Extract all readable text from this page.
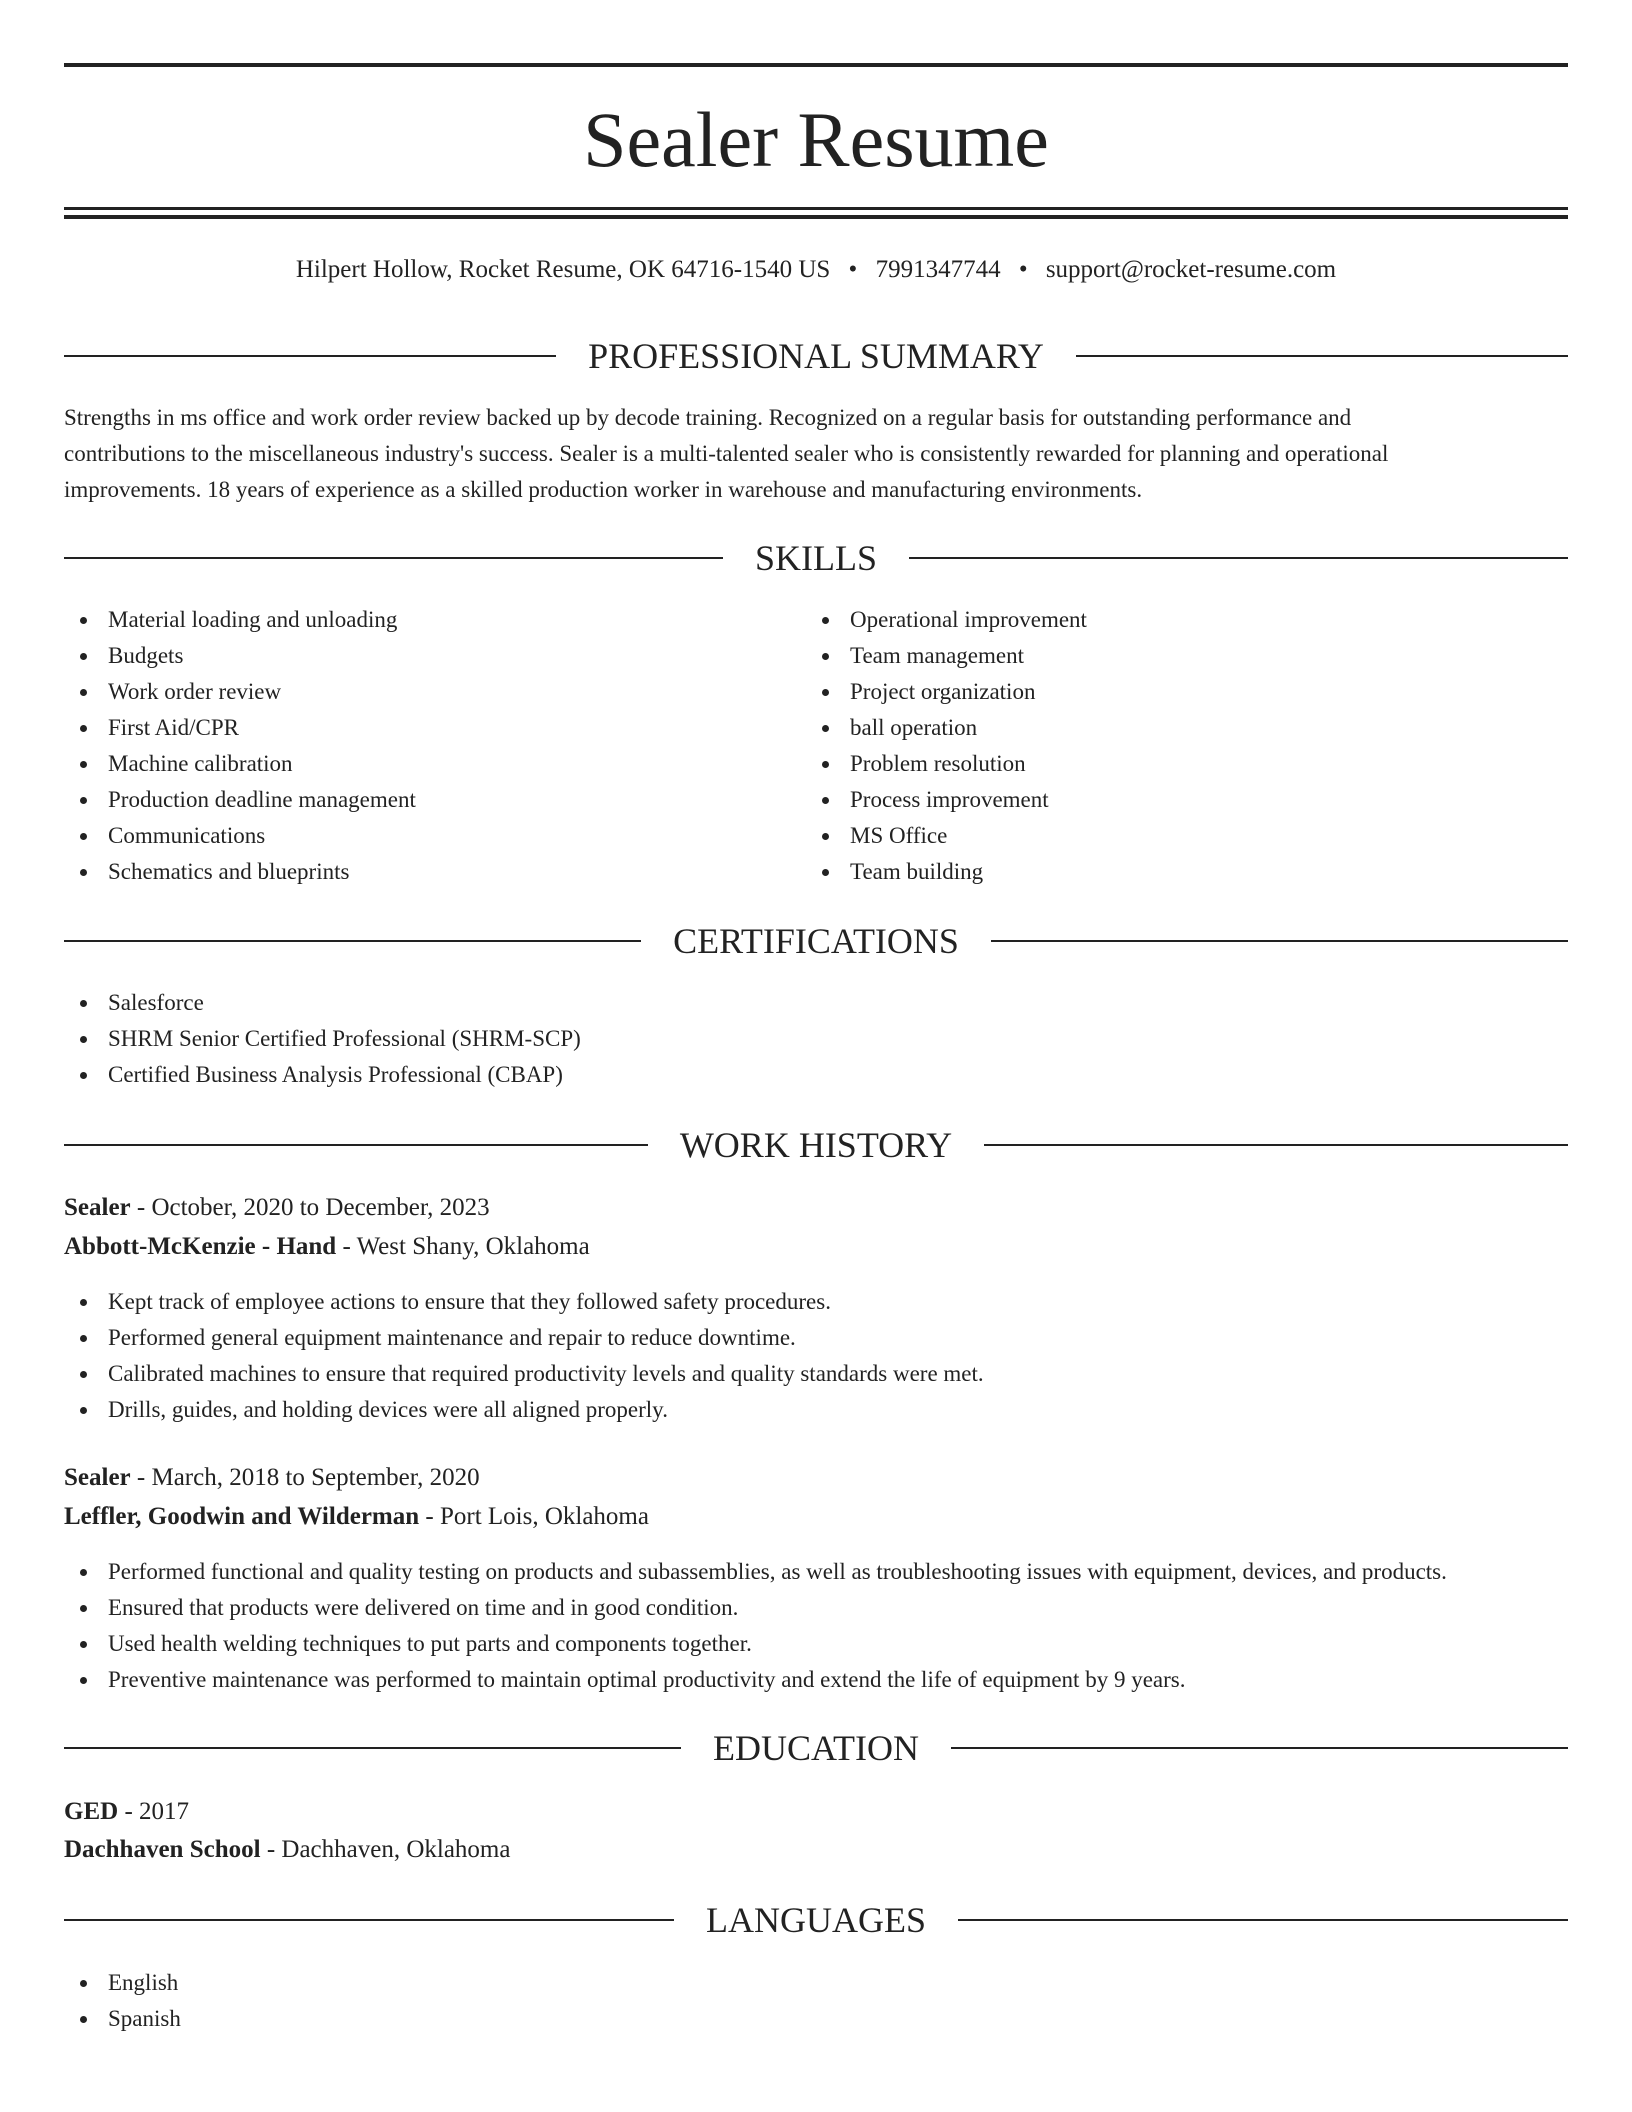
Sealer Resume
Hilpert Hollow, Rocket Resume, OK 64716-1540 US • 7991347744 • support@rocket-resume.com
PROFESSIONAL SUMMARY
Strengths in ms office and work order review backed up by decode training. Recognized on a regular basis for outstanding performance and
contributions to the miscellaneous industry's success. Sealer is a multi-talented sealer who is consistently rewarded for planning and operational
improvements. 18 years of experience as a skilled production worker in warehouse and manufacturing environments.
SKILLS
Material loading and unloading
Budgets
Work order review
First Aid/CPR
Machine calibration
Production deadline management
Communications
Schematics and blueprints
Operational improvement
Team management
Project organization
ball operation
Problem resolution
Process improvement
MS Office
Team building
CERTIFICATIONS
Salesforce
SHRM Senior Certified Professional (SHRM-SCP)
Certified Business Analysis Professional (CBAP)
WORK HISTORY
Sealer - October, 2020 to December, 2023
Abbott-McKenzie - Hand - West Shany, Oklahoma
Kept track of employee actions to ensure that they followed safety procedures.
Performed general equipment maintenance and repair to reduce downtime.
Calibrated machines to ensure that required productivity levels and quality standards were met.
Drills, guides, and holding devices were all aligned properly.
Sealer - March, 2018 to September, 2020
Leffler, Goodwin and Wilderman - Port Lois, Oklahoma
Performed functional and quality testing on products and subassemblies, as well as troubleshooting issues with equipment, devices, and products.
Ensured that products were delivered on time and in good condition.
Used health welding techniques to put parts and components together.
Preventive maintenance was performed to maintain optimal productivity and extend the life of equipment by 9 years.
EDUCATION
GED - 2017
Dachhaven School - Dachhaven, Oklahoma
LANGUAGES
English
Spanish
